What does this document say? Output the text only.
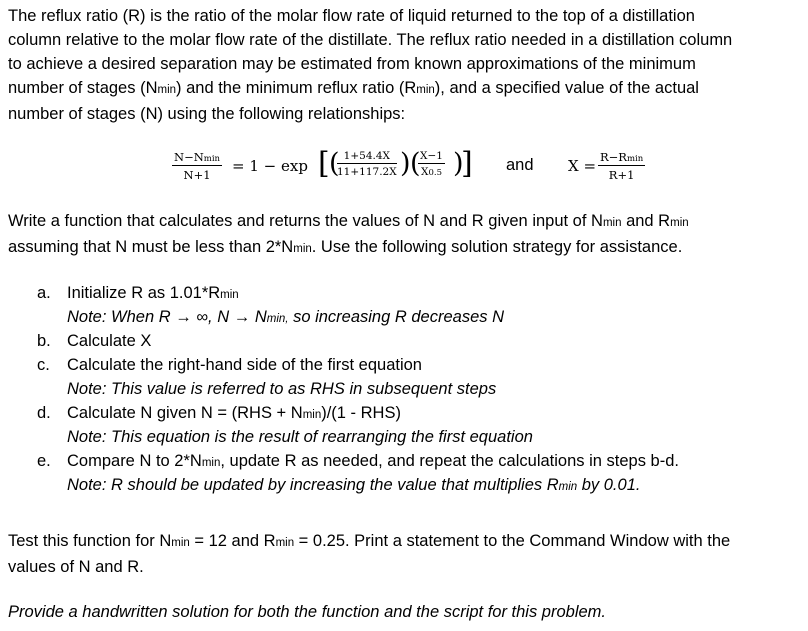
The reflux ratio (R) is the ratio of the molar flow rate of liquid returned to the top of a distillation
column relative to the molar flow rate of the distillate. The reflux ratio needed in a distillation column
to achieve a desired separation may be estimated from known approximations of the minimum
number of stages (Nmin) and the minimum reflux ratio (Rmin), and a specified value of the actual
number of stages (N) using the following relationships:
N−Nmin
N+1	= 1 − exp [ (
$\frac{1+54.4X}{11+117.2X}$ ) (
$\frac{X-1}{X0.5}$ )
] and X = R−Rmin
R+1
Write a function that calculates and returns the values of N and R given input of Nmin and Rmin
assuming that N must be less than 2*Nmin. Use the following solution strategy for assistance.
a. Initialize R as 1.01*Rmin
Note: When R → ∞, N → Nmin, so increasing R decreases N
b. Calculate X
c. Calculate the right-hand side of the first equation
Note: This value is referred to as RHS in subsequent steps
d. Calculate N given N = (RHS + Nmin)/(1 - RHS)
Note: This equation is the result of rearranging the first equation
e. Compare N to 2*Nmin, update R as needed, and repeat the calculations in steps b-d.
Note: R should be updated by increasing the value that multiplies Rmin by 0.01.
Test this function for Nmin = 12 and Rmin = 0.25. Print a statement to the Command Window with the
values of N and R.
Provide a handwritten solution for both the function and the script for this problem.
